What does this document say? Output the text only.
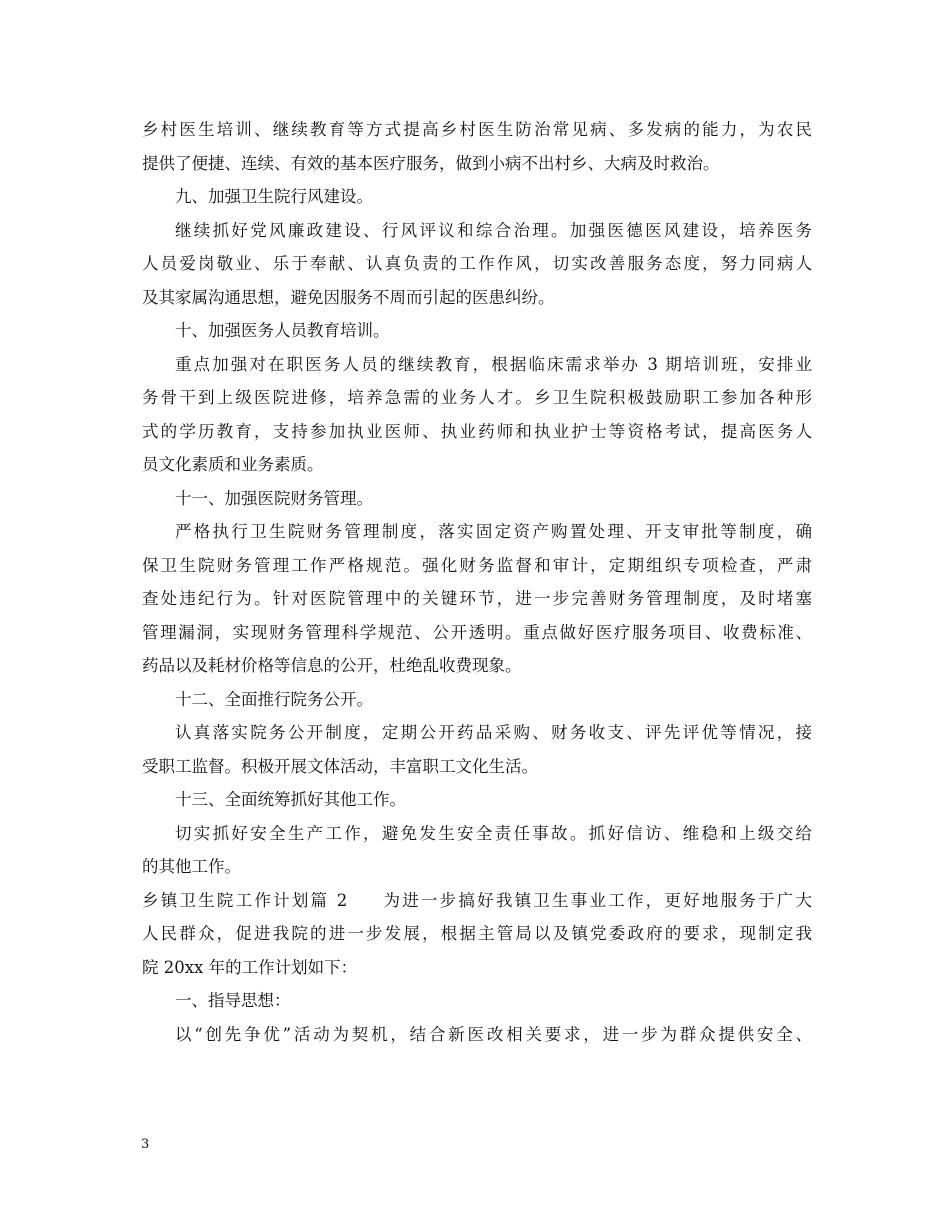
乡村医生培训、继续教育等方式提高乡村医生防治常见病、多发病的能力，为农民
提供了便捷、连续、有效的基本医疗服务，做到小病不出村乡、大病及时救治。
九、加强卫生院行风建设。
继续抓好党风廉政建设、行风评议和综合治理。加强医德医风建设，培养医务
人员爱岗敬业、乐于奉献、认真负责的工作作风，切实改善服务态度，努力同病人
及其家属沟通思想，避免因服务不周而引起的医患纠纷。
十、加强医务人员教育培训。
重点加强对在职医务人员的继续教育，根据临床需求举办 3 期培训班，安排业
务骨干到上级医院进修，培养急需的业务人才。乡卫生院积极鼓励职工参加各种形
式的学历教育，支持参加执业医师、执业药师和执业护士等资格考试，提高医务人
员文化素质和业务素质。
十一、加强医院财务管理。
严格执行卫生院财务管理制度，落实固定资产购置处理、开支审批等制度，确
保卫生院财务管理工作严格规范。强化财务监督和审计，定期组织专项检查，严肃
查处违纪行为。针对医院管理中的关键环节，进一步完善财务管理制度，及时堵塞
管理漏洞，实现财务管理科学规范、公开透明。重点做好医疗服务项目、收费标准、
药品以及耗材价格等信息的公开，杜绝乱收费现象。
十二、全面推行院务公开。
认真落实院务公开制度，定期公开药品采购、财务收支、评先评优等情况，接
受职工监督。积极开展文体活动，丰富职工文化生活。
十三、全面统筹抓好其他工作。
切实抓好安全生产工作，避免发生安全责任事故。抓好信访、维稳和上级交给
的其他工作。
乡镇卫生院工作计划篇 2 为进一步搞好我镇卫生事业工作，更好地服务于广大
人民群众，促进我院的进一步发展，根据主管局以及镇党委政府的要求，现制定我
院 20xx 年的工作计划如下：
一、指导思想：
以“创先争优”活动为契机，结合新医改相关要求，进一步为群众提供安全、
3
